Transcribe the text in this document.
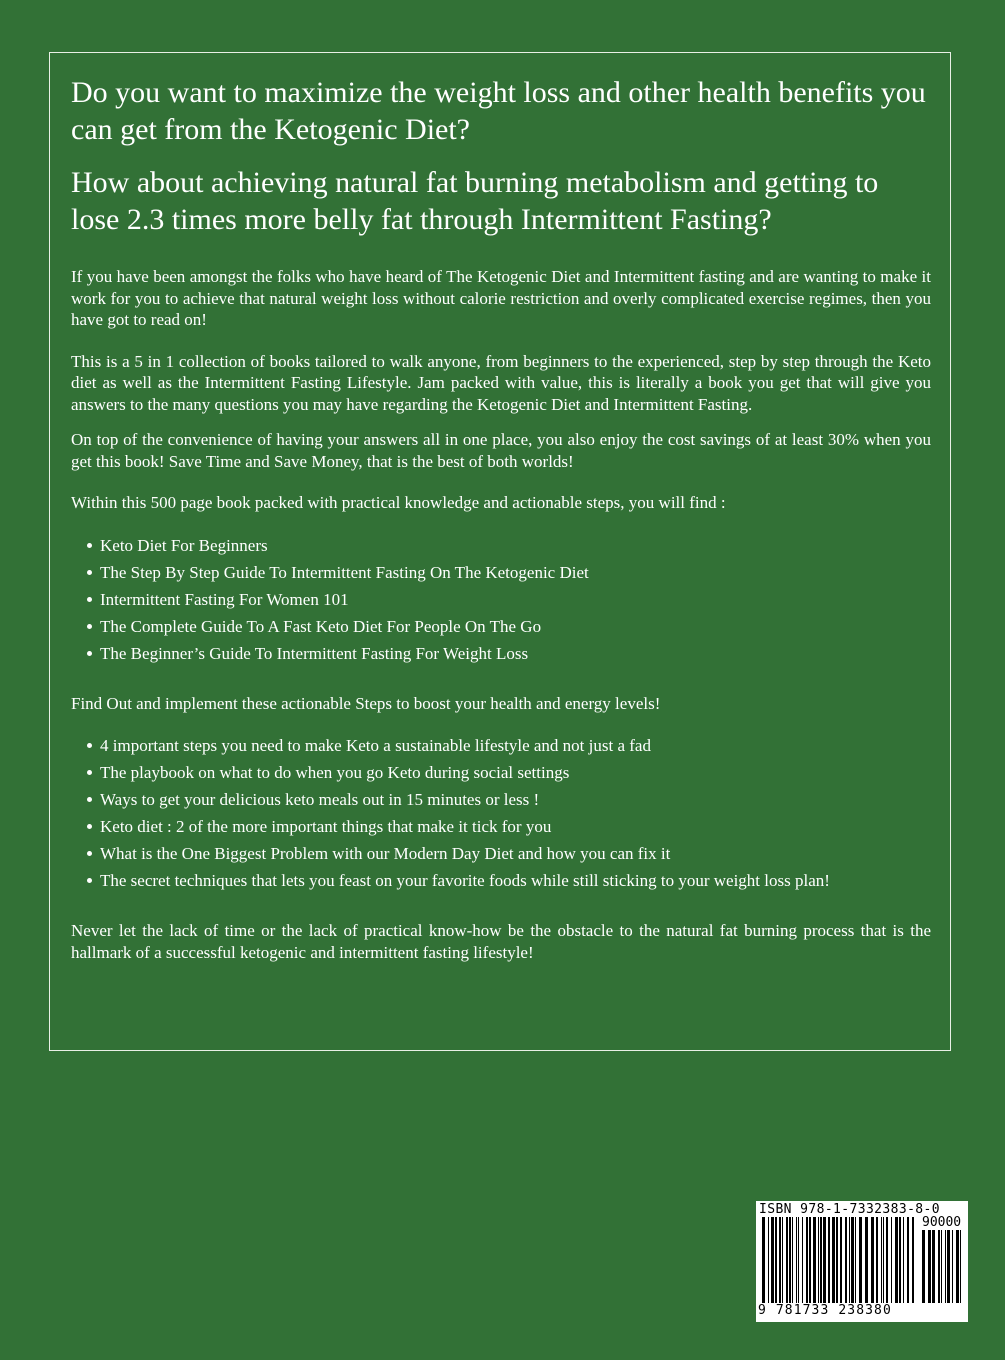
Do you want to maximize the weight loss and other health benefits you can get from the Ketogenic Diet?
How about achieving natural fat burning metabolism and getting to lose 2.3 times more belly fat through Intermittent Fasting?

If you have been amongst the folks who have heard of The Ketogenic Diet and Intermittent fasting and are wanting to make it work for you to achieve that natural weight loss without calorie restriction and overly complicated exercise regimes, then you have got to read on!

This is a 5 in 1 collection of books tailored to walk anyone, from beginners to the experienced, step by step through the Keto diet as well as the Intermittent Fasting Lifestyle. Jam packed with value, this is literally a book you get that will give you answers to the many questions you may have regarding the Ketogenic Diet and Intermittent Fasting.

On top of the convenience of having your answers all in one place, you also enjoy the cost savings of at least 30% when you get this book! Save Time and Save Money, that is the best of both worlds!

Within this 500 page book packed with practical knowledge and actionable steps, you will find :

Keto Diet For Beginners
The Step By Step Guide To Intermittent Fasting On The Ketogenic Diet
Intermittent Fasting For Women 101
The Complete Guide To A Fast Keto Diet For People On The Go
The Beginner’s Guide To Intermittent Fasting For Weight Loss

Find Out and implement these actionable Steps to boost your health and energy levels!

4 important steps you need to make Keto a sustainable lifestyle and not just a fad
The playbook on what to do when you go Keto during social settings
Ways to get your delicious keto meals out in 15 minutes or less !
Keto diet : 2 of the more important things that make it tick for you
What is the One Biggest Problem with our Modern Day Diet and how you can fix it
The secret techniques that lets you feast on your favorite foods while still sticking to your weight loss plan!

Never let the lack of time or the lack of practical know-how be the obstacle to the natural fat burning process that is the hallmark of a successful ketogenic and intermittent fasting lifestyle!

ISBN 978-1-7332383-8-0
90000
9 781733 238380
